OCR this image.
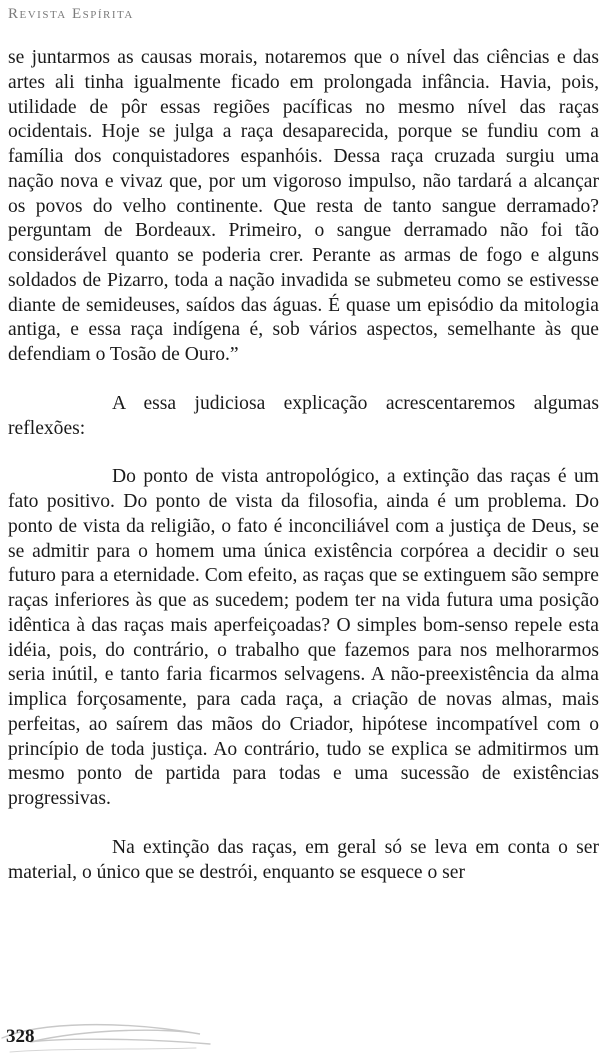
Revista Espírita

se juntarmos as causas morais, notaremos que o nível das ciências e das artes ali tinha igualmente ficado em prolongada infância. Havia, pois, utilidade de pôr essas regiões pacíficas no mesmo nível das raças ocidentais. Hoje se julga a raça desaparecida, porque se fundiu com a família dos conquistadores espanhóis. Dessa raça cruzada surgiu uma nação nova e vivaz que, por um vigoroso impulso, não tardará a alcançar os povos do velho continente. Que resta de tanto sangue derramado? perguntam de Bordeaux. Primeiro, o sangue derramado não foi tão considerável quanto se poderia crer. Perante as armas de fogo e alguns soldados de Pizarro, toda a nação invadida se submeteu como se estivesse diante de semideuses, saídos das águas. É quase um episódio da mitologia antiga, e essa raça indígena é, sob vários aspectos, semelhante às que defendiam o Tosão de Ouro.”

A essa judiciosa explicação acrescentaremos algumas reflexões:

Do ponto de vista antropológico, a extinção das raças é um fato positivo. Do ponto de vista da filosofia, ainda é um problema. Do ponto de vista da religião, o fato é inconciliável com a justiça de Deus, se se admitir para o homem uma única existência corpórea a decidir o seu futuro para a eternidade. Com efeito, as raças que se extinguem são sempre raças inferiores às que as sucedem; podem ter na vida futura uma posição idêntica à das raças mais aperfeiçoadas? O simples bom-senso repele esta idéia, pois, do contrário, o trabalho que fazemos para nos melhorarmos seria inútil, e tanto faria ficarmos selvagens. A não-preexistência da alma implica forçosamente, para cada raça, a criação de novas almas, mais perfeitas, ao saírem das mãos do Criador, hipótese incompatível com o princípio de toda justiça. Ao contrário, tudo se explica se admitirmos um mesmo ponto de partida para todas e uma sucessão de existências progressivas.

Na extinção das raças, em geral só se leva em conta o ser material, o único que se destrói, enquanto se esquece o ser

328
